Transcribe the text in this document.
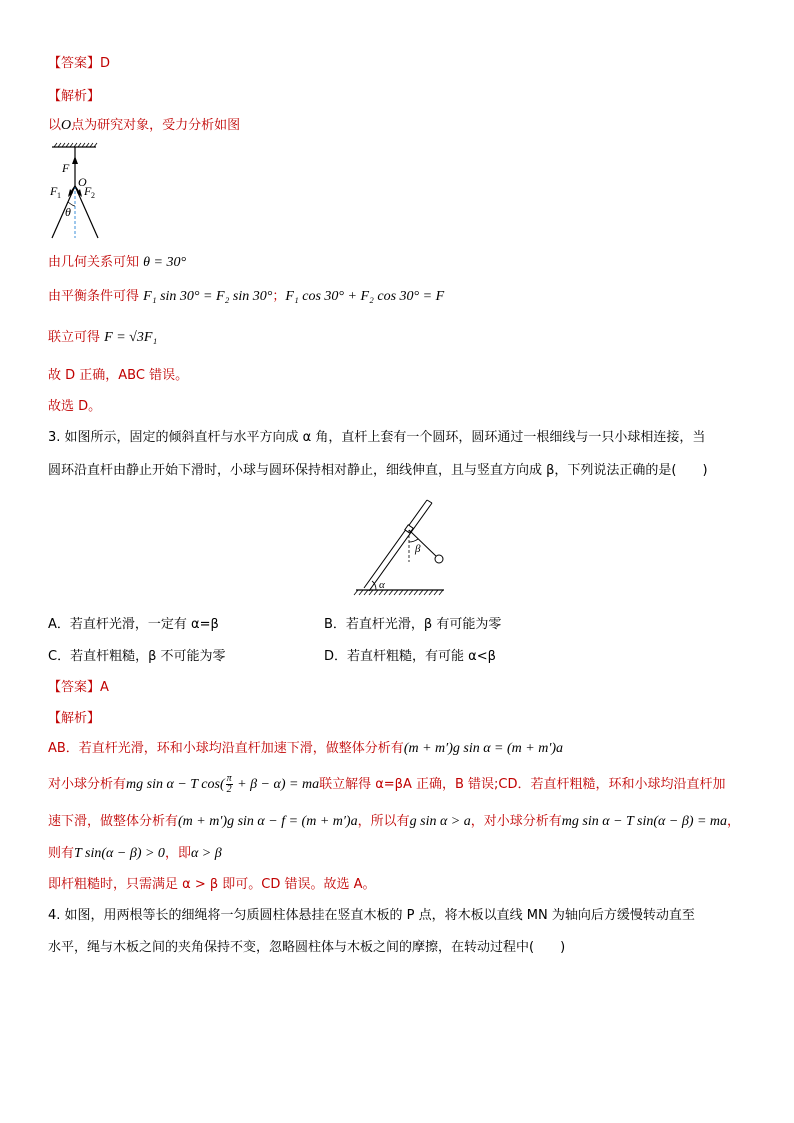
【答案】D
【解析】
以O点为研究对象，受力分析如图
F
O
F 1 F 2
θ
由几何关系可知 θ = 30°
由平衡条件可得 F₁ sin 30° = F₂ sin 30°；F₁ cos 30° + F₂ cos 30° = F
联立可得 F = √3F₁
故 D 正确，ABC 错误。
故选 D。
3. 如图所示，固定的倾斜直杆与水平方向成 α 角，直杆上套有一个圆环，圆环通过一根细线与一只小球相连接，当
圆环沿直杆由静止开始下滑时，小球与圆环保持相对静止，细线伸直，且与竖直方向成 β，下列说法正确的是(　　)
β
α
A．若直杆光滑，一定有 α=β	B．若直杆光滑，β 有可能为零
C．若直杆粗糙，β 不可能为零	D．若直杆粗糙，有可能 α<β
【答案】A
【解析】
AB．若直杆光滑，环和小球均沿直杆加速下滑，做整体分析有(m + m′)g sin α = (m + m′)a
对小球分析有mg sin α − T $\cos( \frac{\pi}{2} + \beta - \alpha)$ = ma联立解得 α=βA 正确，B 错误;CD．若直杆粗糙，环和小球均沿直杆加
速下滑，做整体分析有(m + m′)g sin α − f = (m + m′)a，所以有g sin α > a，对小球分析有mg sin α − T sin(α − β) = ma，
则有T sin(α − β) > 0，即α > β
即杆粗糙时，只需满足 α > β 即可。CD 错误。故选 A。
4. 如图，用两根等长的细绳将一匀质圆柱体悬挂在竖直木板的 P 点，将木板以直线 MN 为轴向后方缓慢转动直至
水平，绳与木板之间的夹角保持不变，忽略圆柱体与木板之间的摩擦，在转动过程中(　　)
